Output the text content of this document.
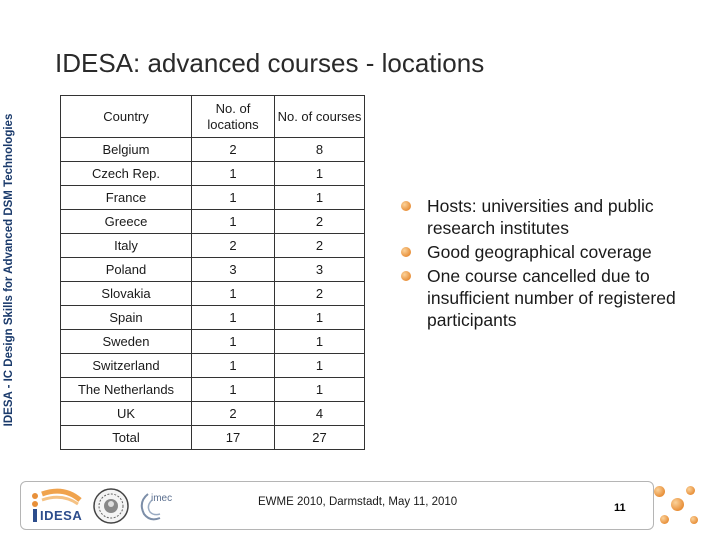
IDESA - IC Design Skills for Advanced DSM Technologies
IDESA: advanced courses - locations
Country	No. of locations	No. of courses
Belgium	2	8
Czech Rep.	1	1
France	1	1
Greece	1	2
Italy	2	2
Poland	3	3
Slovakia	1	2
Spain	1	1
Sweden	1	1
Switzerland	1	1
The Netherlands	1	1
UK	2	4
Total	17	27
Hosts: universities and public research institutes
Good geographical coverage
One course cancelled due to insufficient number of registered participants
IDESA
imec	EWME 2010, Darmstadt, May 11, 2010	11
